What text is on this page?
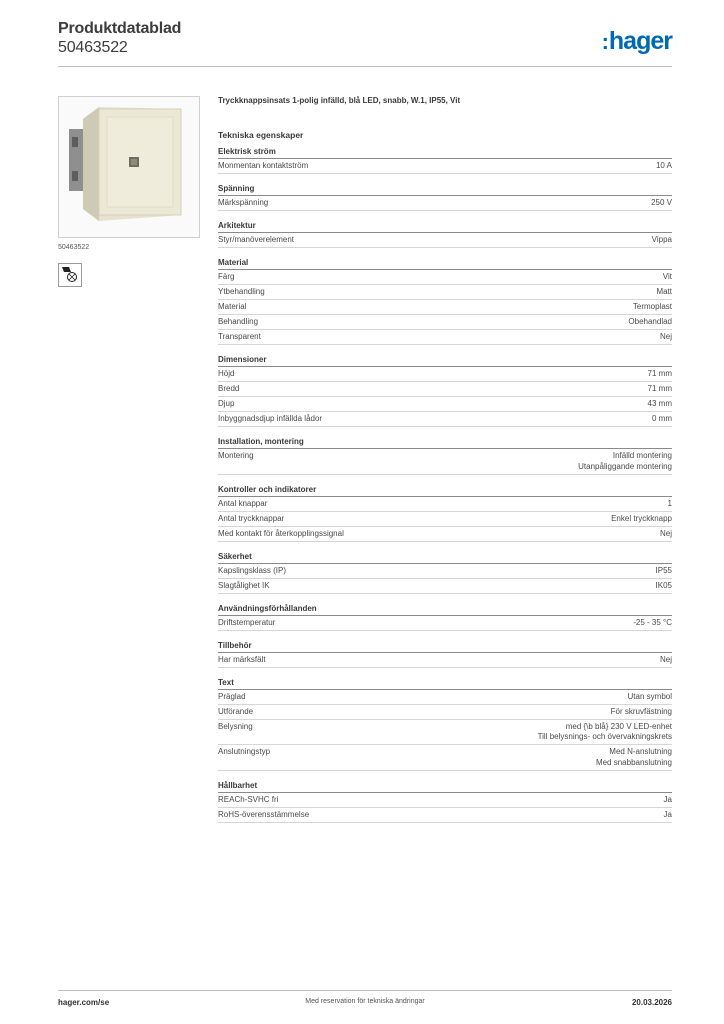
Produktdatablad
50463522	:hager
50463522
Tryckknappsinsats 1-polig infälld, blå LED, snabb, W.1, IP55, Vit
Tekniska egenskaper
Elektrisk ström
Monmentan kontaktström	10 A
Spänning
Märkspänning	250 V
Arkitektur
Styr/manöverelement	Vippa
Material
Färg	Vit
Ytbehandling	Matt
Material	Termoplast
Behandling	Obehandlad
Transparent	Nej
Dimensioner
Höjd	71 mm
Bredd	71 mm
Djup	43 mm
Inbyggnadsdjup infällda lådor	0 mm
Installation, montering
Montering	Infälld montering
Utanpåliggande montering
Kontroller och indikatorer
Antal knappar	1
Antal tryckknappar	Enkel tryckknapp
Med kontakt för återkopplingssignal	Nej
Säkerhet
Kapslingsklass (IP)	IP55
Slagtålighet IK	IK05
Användningsförhållanden
Driftstemperatur	-25 - 35 °C
Tillbehör
Har märksfält	Nej
Text
Präglad	Utan symbol
Utförande	För skruvfästning
Belysning	med {\b blå} 230 V LED-enhet
Till belysnings- och övervakningskrets
Anslutningstyp	Med N-anslutning
Med snabbanslutning
Hållbarhet
REACh-SVHC fri	Ja
RoHS-överensstämmelse	Ja
hager.com/se	Med reservation för tekniska ändringar	20.03.2026
